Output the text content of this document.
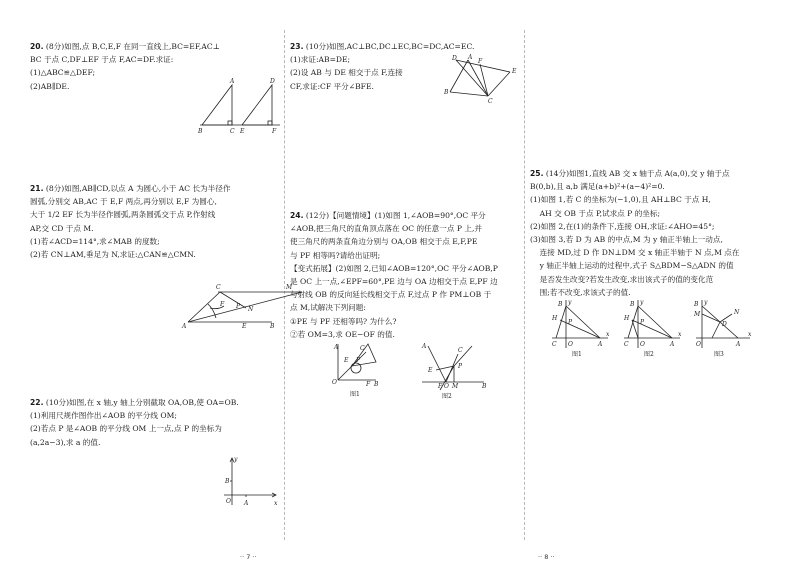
20. (8分)如图,点 B,C,E,F 在同一直线上,BC=EF,AC⊥

BC 于点 C,DF⊥EF 于点 F,AC=DF.求证:

(1)△ABC≌△DEF;

(2)AB∥DE.

A	D
B	C E	F

21. (8分)如图,AB∥CD,以点 A 为圆心,小于 AC 长为半径作

圆弧,分别交 AB,AC 于 E,F 两点,再分别以 E,F 为圆心,

大于 1/2 EF 长为半径作圆弧,两条圆弧交于点 P,作射线

AP,交 CD 于点 M.

(1)若∠ACD=114°,求∠MAB 的度数;

(2)若 CN⊥AM,垂足为 N,求证:△CAN≌△CMN.

C	M
A	E	B
F P N

22. (10分)如图,在 x 轴,y 轴上分别截取 OA,OB,使 OA=OB.

(1)利用尺规作图作出∠AOB 的平分线 OM;

(2)若点 P 是∠AOB 的平分线 OM 上一点,点 P 的坐标为

(a,2a−3),求 a 的值.

y
x
B
O A
·· 7 ··

23. (10分)如图,AC⊥BC,DC⊥EC,BC=DC,AC=EC.

(1)求证:AB=DE;

(2)设 AB 与 DE 相交于点 F,连接

CF,求证:CF 平分∠BFE.

D A
E
F
B
C

24. (12分)【问题情境】(1)如图 1,∠AOB=90°,OC 平分

∠AOB,把三角尺的直角顶点落在 OC 的任意一点 P 上,并

使三角尺的两条直角边分别与 OA,OB 相交于点 E,F,PE

与 PF 相等吗?请给出证明;

【变式拓展】(2)如图 2,已知∠AOB=120°,OC 平分∠AOB,P

是 OC 上一点,∠EPF=60°,PE 边与 OA 边相交于点 E,PF 边

与射线 OB 的反向延长线相交于点 F,过点 P 作 PM⊥OB 于

点 M,试解决下列问题:

①PE 与 PF 还相等吗? 为什么?

②若 OM=3,求 OE−OF 的值.

A
E
C
P
O	F B
图1
A
C
P
E
F O M	B
图2

25. (14分)如图1,直线 AB 交 x 轴于点 A(a,0),交 y 轴于点

B(0,b),且 a,b 满足(a+b)²+(a−4)²=0.

(1)如图 1,若 C 的坐标为(−1,0),且 AH⊥BC 于点 H,

AH 交 OB 于点 P,试求点 P 的坐标;

(2)如图 2,在(1)的条件下,连接 OH,求证:∠AHO=45°;

(3)如图 3,若 D 为 AB 的中点,M 为 y 轴正半轴上一动点,

连接 MD,过 D 作 DN⊥DM 交 x 轴正半轴于 N 点,M 点在

y 轴正半轴上运动的过程中,式子 S△BDM−S△ADN 的值

是否发生改变?若发生改变,求出该式子的值的变化范

围;若不改变,求该式子的值.

y
x
B
H
P
C O	A
图1
y
x
B
H
P
C O	A
图2
y
x
B
M
D
N
O	A
图3
·· 8 ··
